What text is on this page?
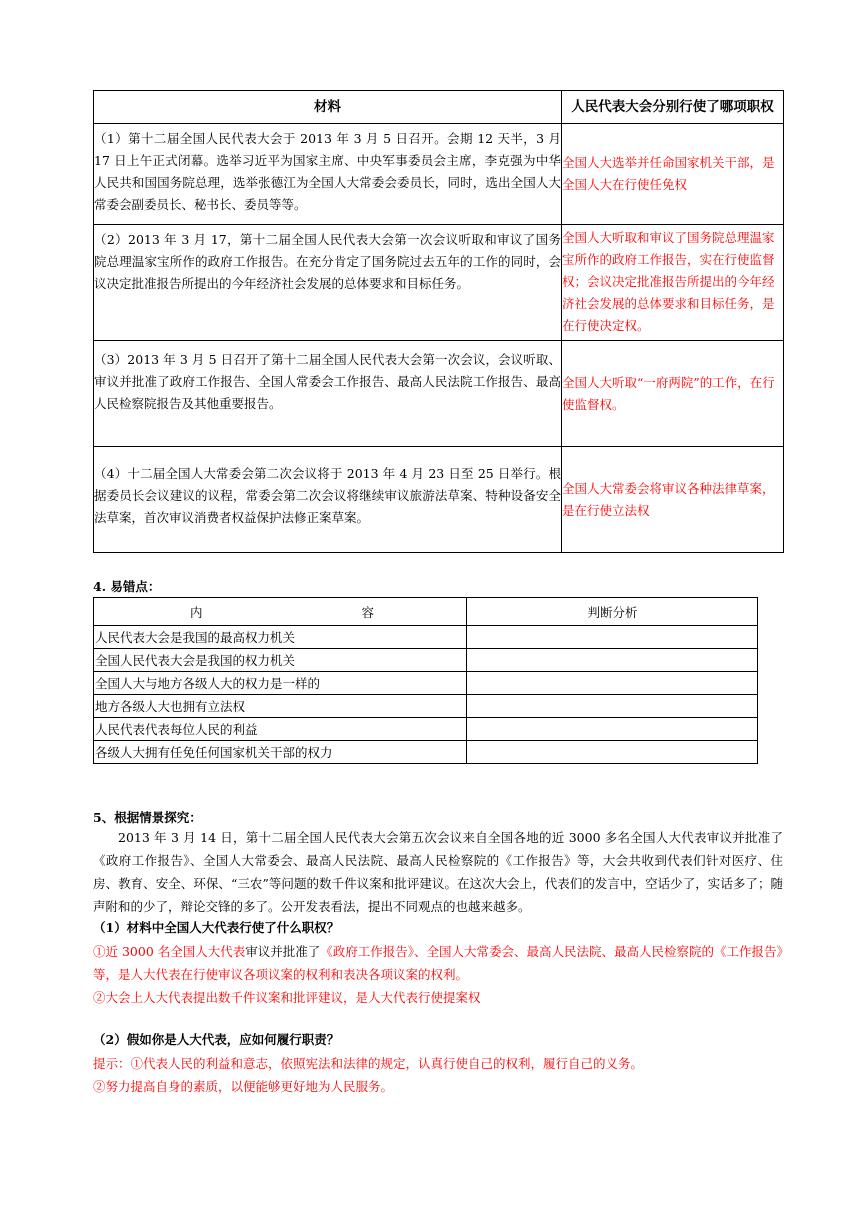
材料	人民代表大会分别行使了哪项职权
（1）第十二届全国人民代表大会于 2013 年 3 月 5 日召开。会期 12 天半，3 月 17 日上午正式闭幕。选举习近平为国家主席、中央军事委员会主席，李克强为中华人民共和国国务院总理，选举张德江为全国人大常委会委员长，同时，选出全国人大常委会副委员长、秘书长、委员等等。	全国人大选举并任命国家机关干部，是全国人大在行使任免权
（2）2013 年 3 月 17，第十二届全国人民代表大会第一次会议听取和审议了国务院总理温家宝所作的政府工作报告。在充分肯定了国务院过去五年的工作的同时，会议决定批准报告所提出的今年经济社会发展的总体要求和目标任务。	全国人大听取和审议了国务院总理温家宝所作的政府工作报告，实在行使监督权；会议决定批准报告所提出的今年经济社会发展的总体要求和目标任务，是在行使决定权。
（3）2013 年 3 月 5 日召开了第十二届全国人民代表大会第一次会议，会议听取、审议并批准了政府工作报告、全国人常委会工作报告、最高人民法院工作报告、最高人民检察院报告及其他重要报告。	全国人大听取“一府两院”的工作，在行使监督权。
（4）十二届全国人大常委会第二次会议将于 2013 年 4 月 23 日至 25 日举行。根据委员长会议建议的议程，常委会第二次会议将继续审议旅游法草案、特种设备安全法草案，首次审议消费者权益保护法修正案草案。	全国人大常委会将审议各种法律草案，是在行使立法权
4. 易错点：
内 容	判断分析
人民代表大会是我国的最高权力机关	
全国人民代表大会是我国的权力机关	
全国人大与地方各级人大的权力是一样的	
地方各级人大也拥有立法权	
人民代表代表每位人民的利益	
各级人大拥有任免任何国家机关干部的权力	
5、根据情景探究：
2013 年 3 月 14 日，第十二届全国人民代表大会第五次会议来自全国各地的近 3000 多名全国人大代表审议并批准了《政府工作报告》、全国人大常委会、最高人民法院、最高人民检察院的《工作报告》等，大会共收到代表们针对医疗、住房、教育、安全、环保、“三农”等问题的数千件议案和批评建议。在这次大会上，代表们的发言中，空话少了，实话多了；随声附和的少了，辩论交锋的多了。公开发表看法，提出不同观点的也越来越多。
（1）材料中全国人大代表行使了什么职权？
①近 3000 名全国人大代表审议并批准了《政府工作报告》、全国人大常委会、最高人民法院、最高人民检察院的《工作报告》等，是人大代表在行使审议各项议案的权利和表决各项议案的权利。
②大会上人大代表提出数千件议案和批评建议，是人大代表行使提案权
（2）假如你是人大代表，应如何履行职责？
提示：①代表人民的利益和意志，依照宪法和法律的规定，认真行使自己的权利，履行自己的义务。
②努力提高自身的素质，以便能够更好地为人民服务。
